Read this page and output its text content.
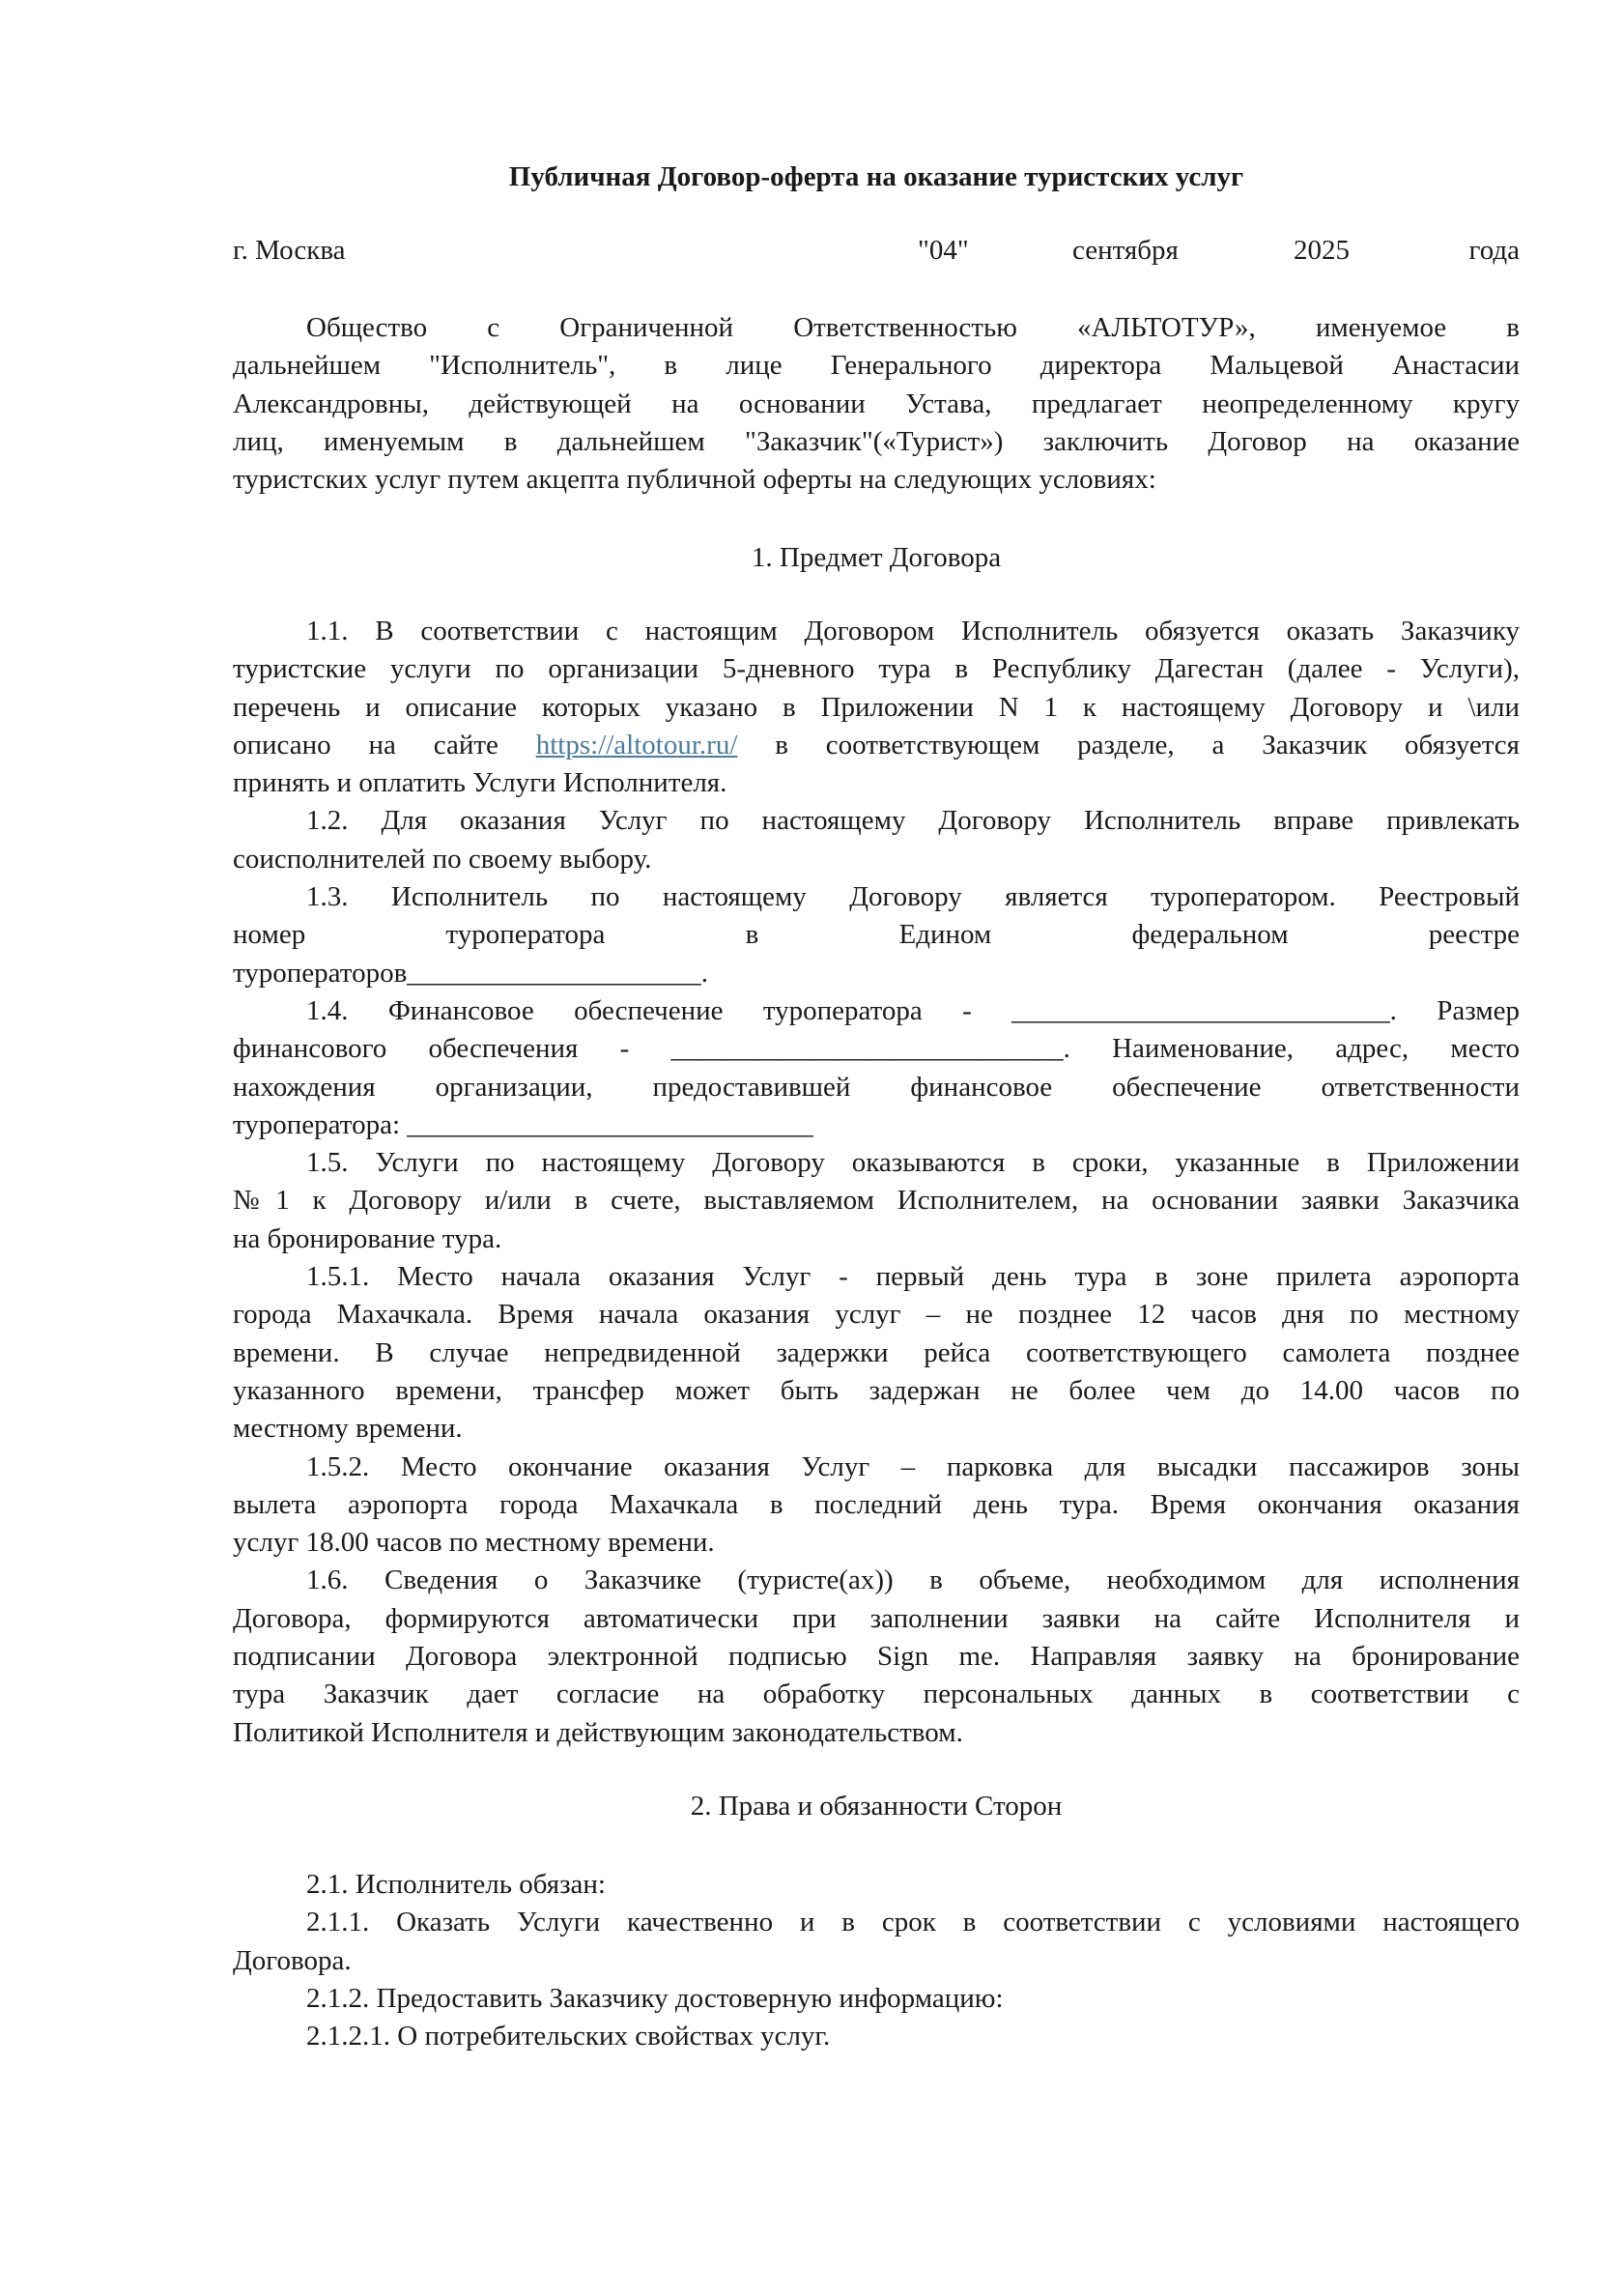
Публичная Договор-оферта на оказание туристских услуг
г. Москва	"04"	сентября	2025	года
Общество с Ограниченной Ответственностью «АЛЬТОТУР», именуемое в
дальнейшем "Исполнитель", в лице Генерального директора Мальцевой Анастасии
Александровны, действующей на основании Устава, предлагает неопределенному кругу
лиц, именуемым в дальнейшем "Заказчик"(«Турист») заключить Договор на оказание
туристских услуг путем акцепта публичной оферты на следующих условиях:
1. Предмет Договора
1.1. В соответствии с настоящим Договором Исполнитель обязуется оказать Заказчику
туристские услуги по организации 5-дневного тура в Республику Дагестан (далее - Услуги),
перечень и описание которых указано в Приложении N 1 к настоящему Договору и \или
описано на сайте https://altotour.ru/ в соответствующем разделе, а Заказчик обязуется
принять и оплатить Услуги Исполнителя.
1.2. Для оказания Услуг по настоящему Договору Исполнитель вправе привлекать
соисполнителей по своему выбору.
1.3. Исполнитель по настоящему Договору является туроператором. Реестровый
номер туроператора в Едином федеральном реестре
туроператоров_____________________.
1.4. Финансовое обеспечение туроператора - ___________________________. Размер
финансового обеспечения - ____________________________. Наименование, адрес, место
нахождения организации, предоставившей финансовое обеспечение ответственности
туроператора: _____________________________
1.5. Услуги по настоящему Договору оказываются в сроки, указанные в Приложении
№1 к Договору и/или в счете, выставляемом Исполнителем, на основании заявки Заказчика
на бронирование тура.
1.5.1. Место начала оказания Услуг - первый день тура в зоне прилета аэропорта
города Махачкала. Время начала оказания услуг – не позднее 12 часов дня по местному
времени. В случае непредвиденной задержки рейса соответствующего самолета позднее
указанного времени, трансфер может быть задержан не более чем до 14.00 часов по
местному времени.
1.5.2. Место окончание оказания Услуг – парковка для высадки пассажиров зоны
вылета аэропорта города Махачкала в последний день тура. Время окончания оказания
услуг 18.00 часов по местному времени.
1.6. Сведения о Заказчике (туристе(ах)) в объеме, необходимом для исполнения
Договора, формируются автоматически при заполнении заявки на сайте Исполнителя и
подписании Договора электронной подписью Sign me. Направляя заявку на бронирование
тура Заказчик дает согласие на обработку персональных данных в соответствии с
Политикой Исполнителя и действующим законодательством.
2. Права и обязанности Сторон
2.1. Исполнитель обязан:
2.1.1. Оказать Услуги качественно и в срок в соответствии с условиями настоящего
Договора.
2.1.2. Предоставить Заказчику достоверную информацию:
2.1.2.1. О потребительских свойствах услуг.
